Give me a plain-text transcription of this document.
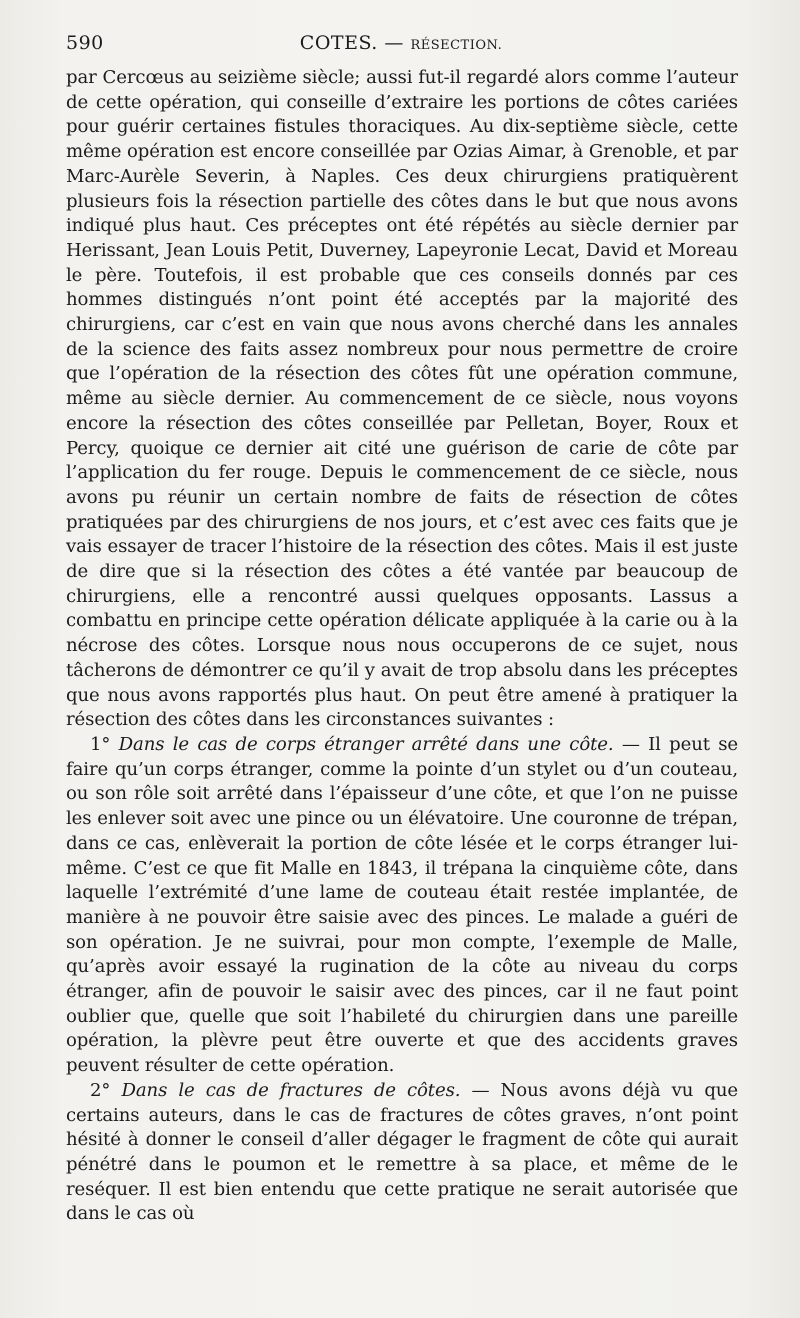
590	COTES. — RÉSECTION.

par Cercœus au seizième siècle; aussi fut-il regardé alors comme l’auteur de cette opération, qui conseille d’extraire les portions de côtes cariées pour guérir certaines fistules thoraciques. Au dix-septième siècle, cette même opération est encore conseillée par Ozias Aimar, à Grenoble, et par Marc-Aurèle Severin, à Naples. Ces deux chirurgiens pratiquèrent plusieurs fois la résection partielle des côtes dans le but que nous avons indiqué plus haut. Ces préceptes ont été répétés au siècle dernier par Herissant, Jean Louis Petit, Duverney, Lapeyronie Lecat, David et Moreau le père. Toutefois, il est probable que ces conseils donnés par ces hommes distingués n’ont point été acceptés par la majorité des chirurgiens, car c’est en vain que nous avons cherché dans les annales de la science des faits assez nombreux pour nous permettre de croire que l’opération de la résection des côtes fût une opération commune, même au siècle dernier. Au commencement de ce siècle, nous voyons encore la résection des côtes conseillée par Pelletan, Boyer, Roux et Percy, quoique ce dernier ait cité une guérison de carie de côte par l’application du fer rouge. Depuis le commencement de ce siècle, nous avons pu réunir un certain nombre de faits de résection de côtes pratiquées par des chirurgiens de nos jours, et c’est avec ces faits que je vais essayer de tracer l’histoire de la résection des côtes. Mais il est juste de dire que si la résection des côtes a été vantée par beaucoup de chirurgiens, elle a rencontré aussi quelques opposants. Lassus a combattu en principe cette opération délicate appliquée à la carie ou à la nécrose des côtes. Lorsque nous nous occuperons de ce sujet, nous tâcherons de démontrer ce qu’il y avait de trop absolu dans les préceptes que nous avons rapportés plus haut. On peut être amené à pratiquer la résection des côtes dans les circonstances suivantes :

1° Dans le cas de corps étranger arrêté dans une côte. — Il peut se faire qu’un corps étranger, comme la pointe d’un stylet ou d’un couteau, ou son rôle soit arrêté dans l’épaisseur d’une côte, et que l’on ne puisse les enlever soit avec une pince ou un élévatoire. Une couronne de trépan, dans ce cas, enlèverait la portion de côte lésée et le corps étranger lui-même. C’est ce que fit Malle en 1843, il trépana la cinquième côte, dans laquelle l’extrémité d’une lame de couteau était restée implantée, de manière à ne pouvoir être saisie avec des pinces. Le malade a guéri de son opération. Je ne suivrai, pour mon compte, l’exemple de Malle, qu’après avoir essayé la rugination de la côte au niveau du corps étranger, afin de pouvoir le saisir avec des pinces, car il ne faut point oublier que, quelle que soit l’habileté du chirurgien dans une pareille opération, la plèvre peut être ouverte et que des accidents graves peuvent résulter de cette opération.

2° Dans le cas de fractures de côtes. — Nous avons déjà vu que certains auteurs, dans le cas de fractures de côtes graves, n’ont point hésité à donner le conseil d’aller dégager le fragment de côte qui aurait pénétré dans le poumon et le remettre à sa place, et même de le reséquer. Il est bien entendu que cette pratique ne serait autorisée que dans le cas où
